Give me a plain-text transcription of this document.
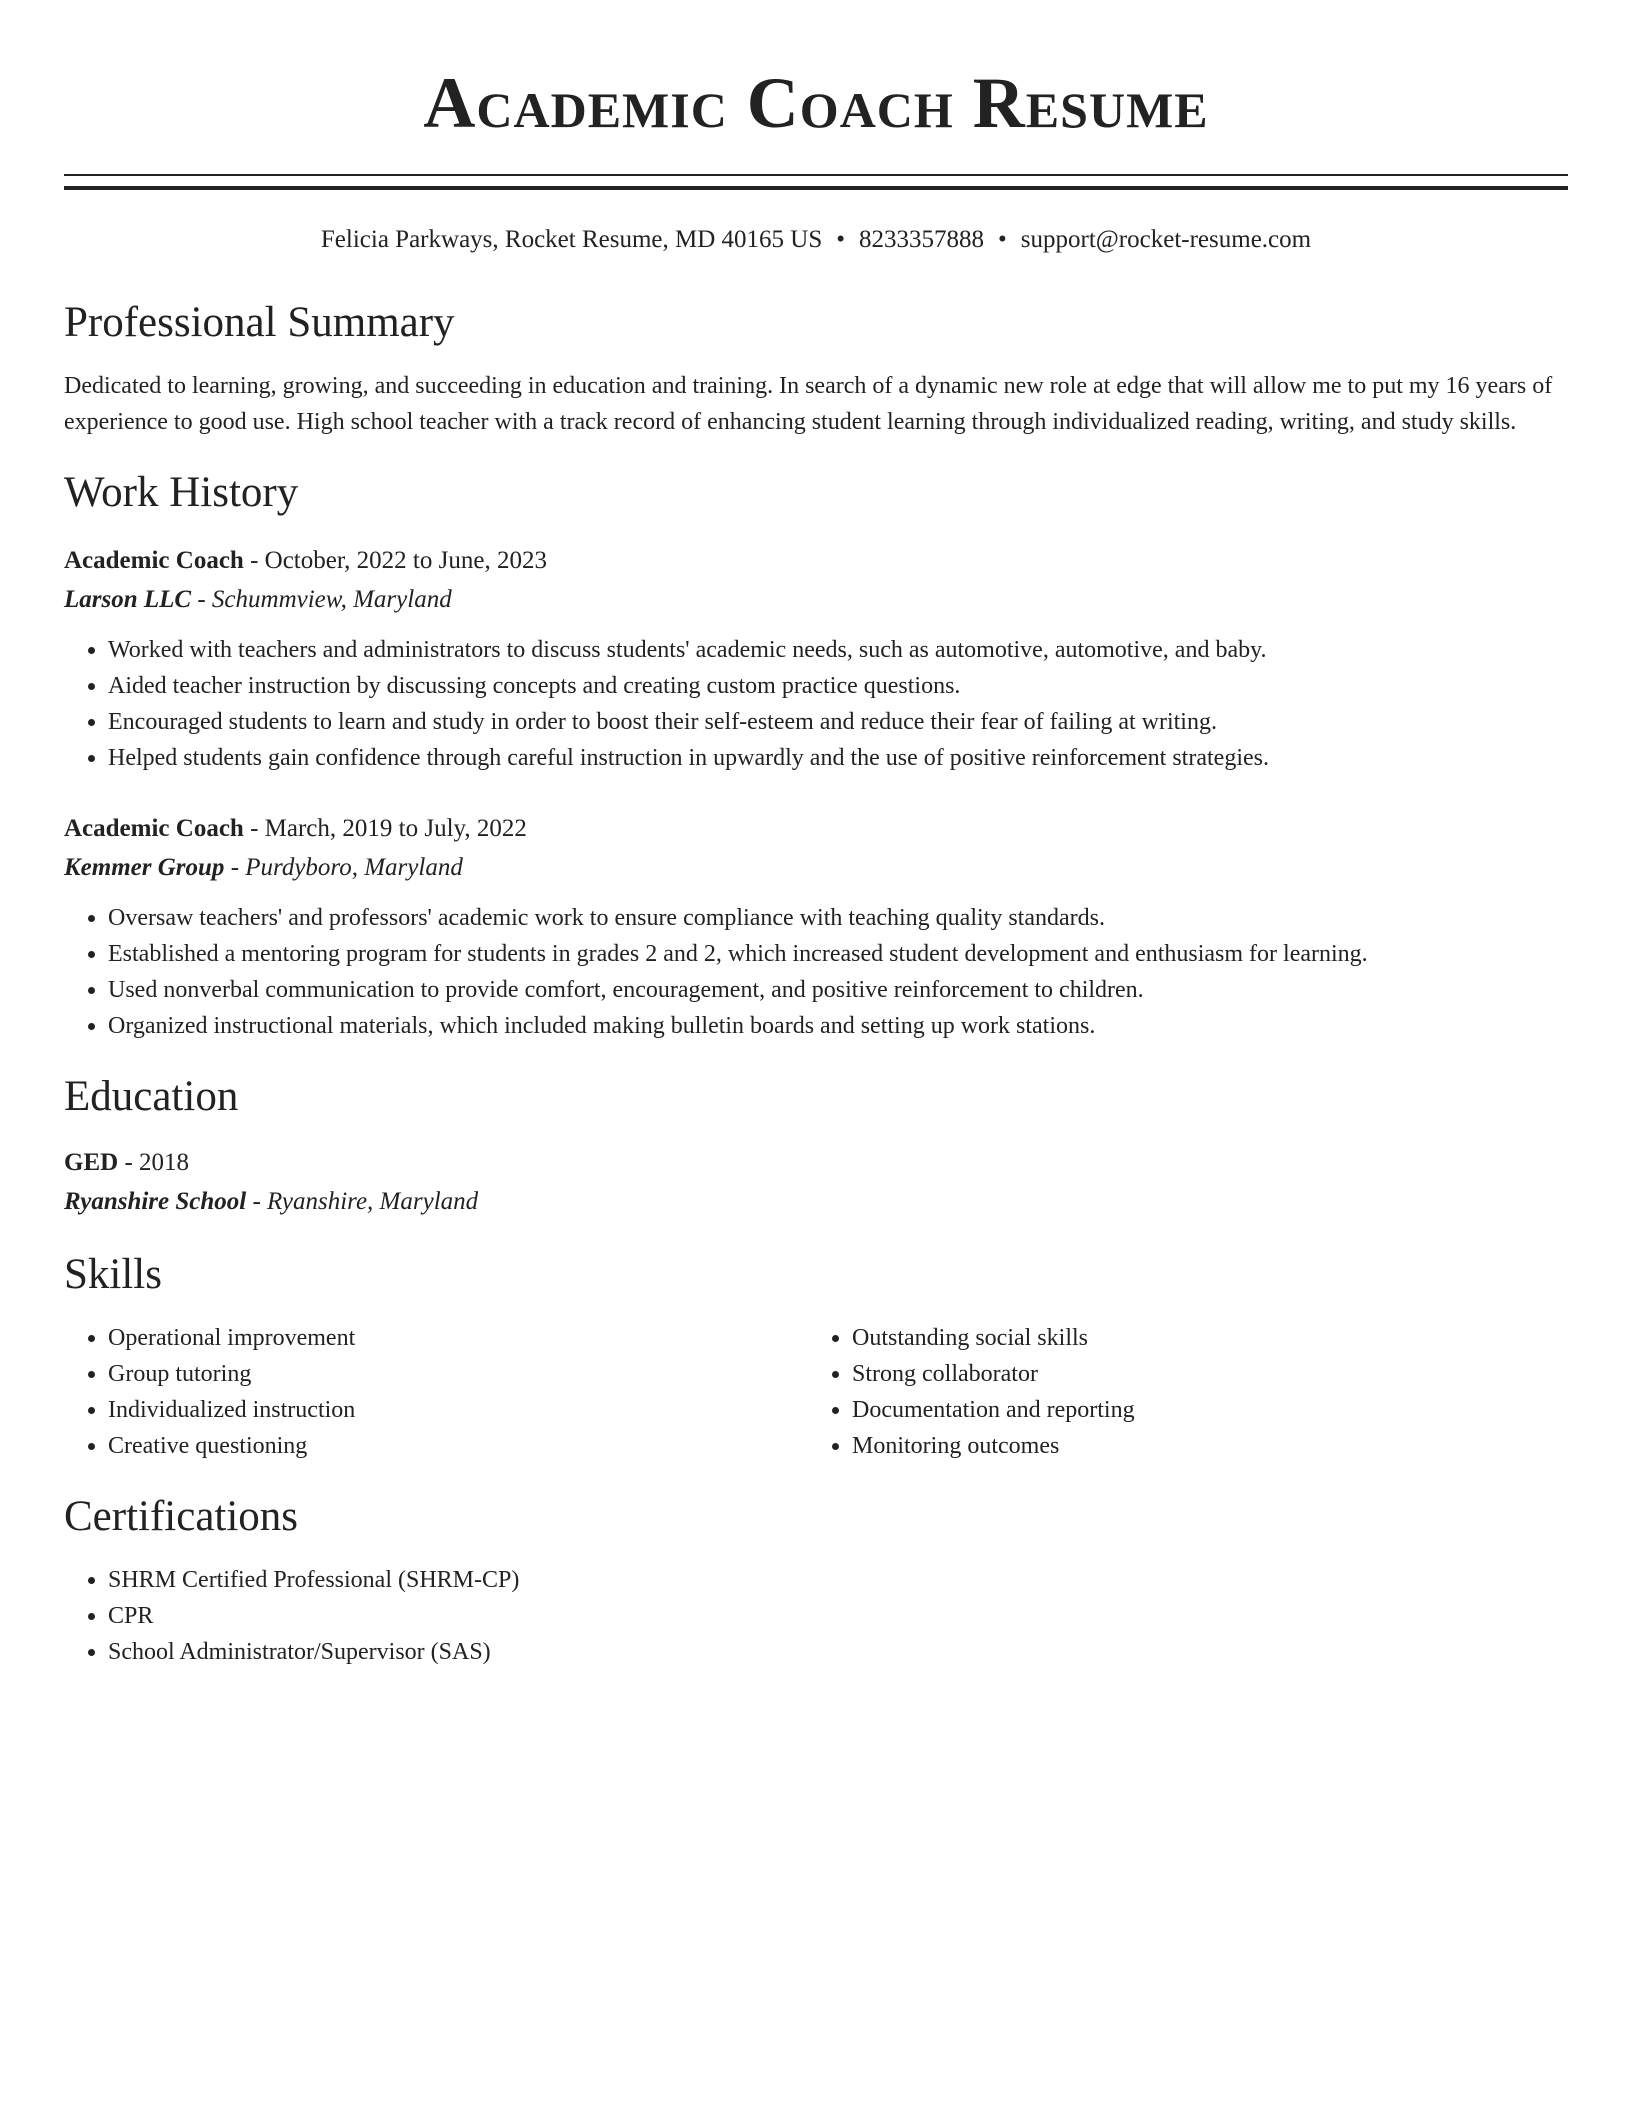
Academic Coach Resume
Felicia Parkways, Rocket Resume, MD 40165 US • 8233357888 • support@rocket-resume.com
Professional Summary

Dedicated to learning, growing, and succeeding in education and training. In search of a dynamic new role at edge that will allow me to put my 16 years of experience to good use. High school teacher with a track record of enhancing student learning through individualized reading, writing, and study skills.

Work History
Academic Coach - October, 2022 to June, 2023
Larson LLC - Schummview, Maryland
• Worked with teachers and administrators to discuss students' academic needs, such as automotive, automotive, and baby.
• Aided teacher instruction by discussing concepts and creating custom practice questions.
• Encouraged students to learn and study in order to boost their self-esteem and reduce their fear of failing at writing.
• Helped students gain confidence through careful instruction in upwardly and the use of positive reinforcement strategies.
Academic Coach - March, 2019 to July, 2022
Kemmer Group - Purdyboro, Maryland
• Oversaw teachers' and professors' academic work to ensure compliance with teaching quality standards.
• Established a mentoring program for students in grades 2 and 2, which increased student development and enthusiasm for learning.
• Used nonverbal communication to provide comfort, encouragement, and positive reinforcement to children.
• Organized instructional materials, which included making bulletin boards and setting up work stations.
Education
GED - 2018
Ryanshire School - Ryanshire, Maryland
Skills
• Operational improvement
• Group tutoring
• Individualized instruction
• Creative questioning
• Outstanding social skills
• Strong collaborator
• Documentation and reporting
• Monitoring outcomes
Certifications
• SHRM Certified Professional (SHRM-CP)
• CPR
• School Administrator/Supervisor (SAS)
